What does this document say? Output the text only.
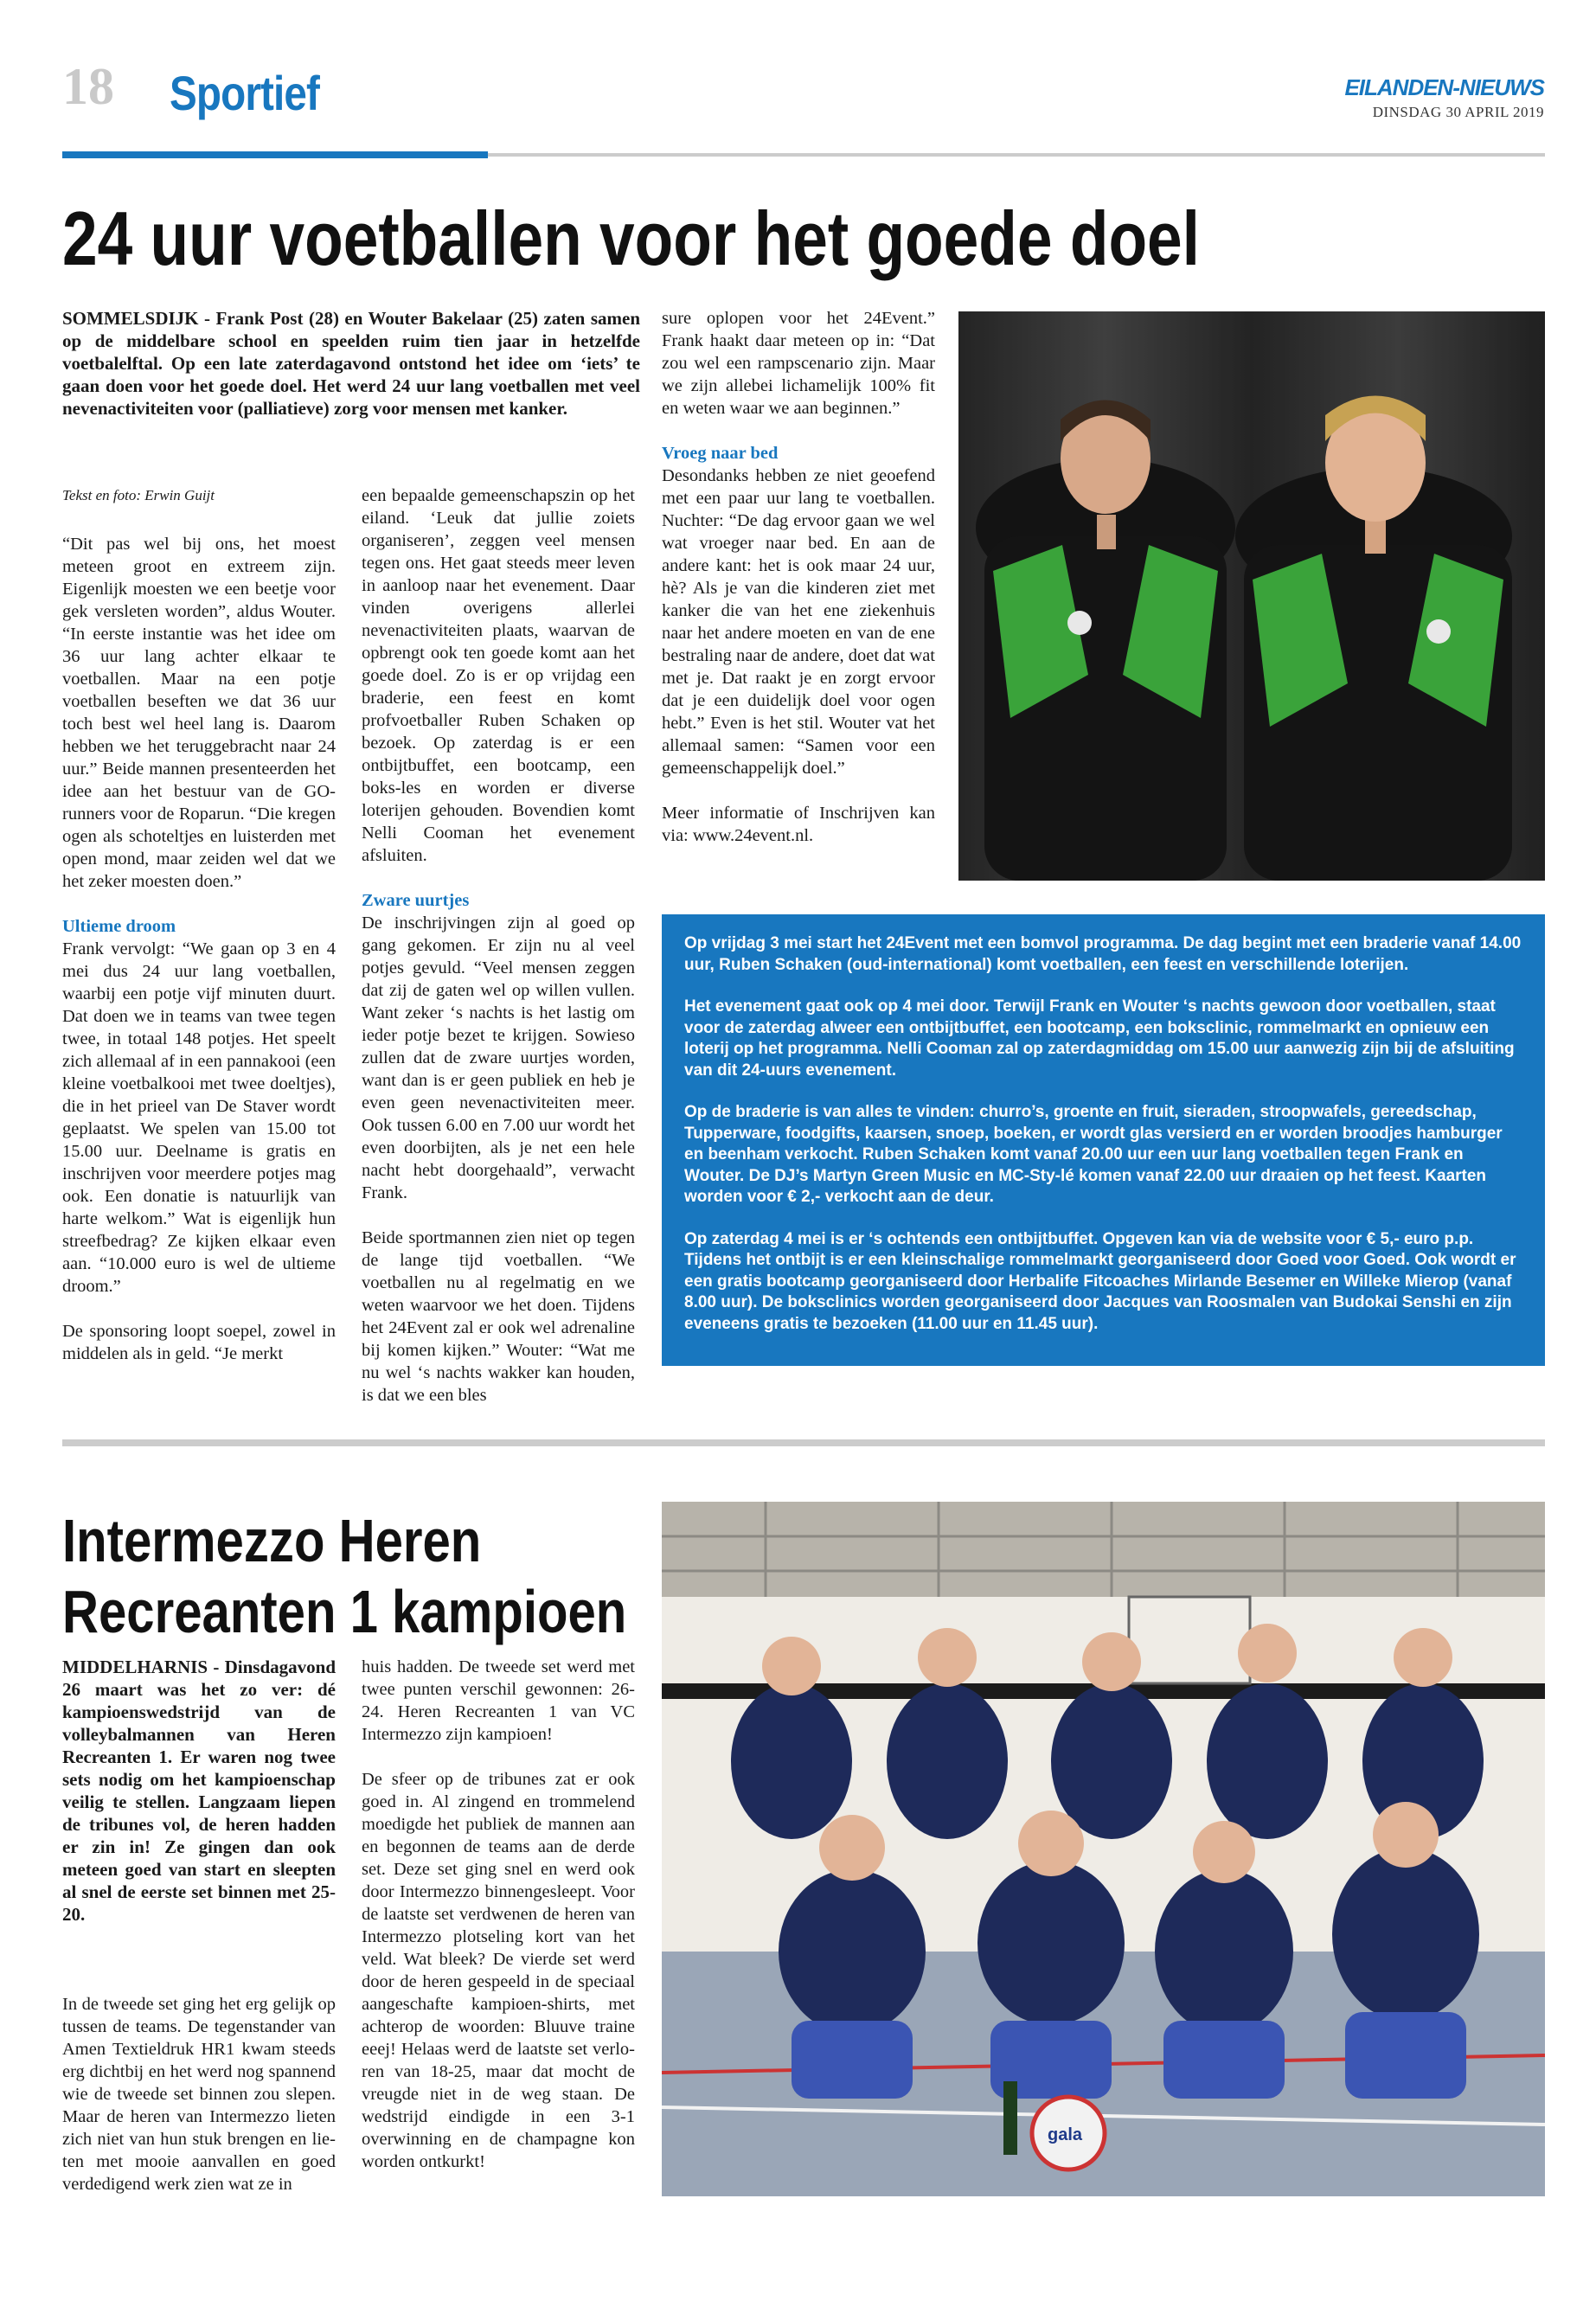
18 Sportief	EILANDEN-NIEUWS
DINSDAG 30 APRIL 2019
24 uur voetballen voor het goede doel
SOMMELSDIJK - Frank Post (28) en Wouter Bakelaar (25) zaten samen op de middelbare school en speelden ruim tien jaar in hetzelfde voetbalelftal. Op een late zaterdagavond ontstond het idee om ‘iets’ te gaan doen voor het goede doel. Het werd 24 uur lang voetballen met veel nevenactiviteiten voor (palliatieve) zorg voor mensen met kanker.

Tekst en foto: Erwin Guijt

“Dit pas wel bij ons, het moest meteen groot en extreem zijn. Eigenlijk moesten we een beetje voor gek versleten worden”, aldus Wouter. “In eerste instantie was het idee om 36 uur lang achter elkaar te voetballen. Maar na een potje voetballen beseften we dat 36 uur toch best wel heel lang is. Daarom hebben we het teruggebracht naar 24 uur.” Beide mannen presenteerden het idee aan het bestuur van de GO-runners voor de Roparun. “Die kregen ogen als schoteltjes en luisterden met open mond, maar zeiden wel dat we het zeker moesten doen.”

Ultieme droom

Frank vervolgt: “We gaan op 3 en 4 mei dus 24 uur lang voetballen, waarbij een potje vijf minuten duurt. Dat doen we in teams van twee tegen twee, in totaal 148 potjes. Het speelt zich allemaal af in een pannakooi (een kleine voetbalkooi met twee doeltjes), die in het prieel van De Staver wordt geplaatst. We spelen van 15.00 tot 15.00 uur. Deelname is gratis en inschrijven voor meerdere potjes mag ook. Een donatie is natuurlijk van harte welkom.” Wat is eigenlijk hun streefbedrag? Ze kijken elkaar even aan. “10.000 euro is wel de ultieme droom.”

De sponsoring loopt soepel, zowel in middelen als in geld. “Je merkt

een bepaalde gemeenschapszin op het eiland. ‘Leuk dat jullie zoiets organiseren’, zeggen veel mensen tegen ons. Het gaat steeds meer leven in aanloop naar het evenement. Daar vinden overigens allerlei nevenactiviteiten plaats, waarvan de opbrengt ook ten goede komt aan het goede doel. Zo is er op vrijdag een braderie, een feest en komt profvoetballer Ruben Schaken op bezoek. Op zaterdag is er een ontbijtbuffet, een bootcamp, een boks-les en worden er diverse loterijen gehouden. Bovendien komt Nelli Cooman het evenement afsluiten.

Zware uurtjes

De inschrijvingen zijn al goed op gang gekomen. Er zijn nu al veel potjes gevuld. “Veel mensen zeggen dat zij de gaten wel op willen vullen. Want zeker ‘s nachts is het lastig om ieder potje bezet te krijgen. Sowieso zullen dat de zware uurtjes worden, want dan is er geen publiek en heb je even geen nevenactiviteiten meer. Ook tussen 6.00 en 7.00 uur wordt het even doorbijten, als je net een hele nacht hebt doorgehaald”, verwacht Frank.

Beide sportmannen zien niet op tegen de lange tijd voetballen. “We voetballen nu al regelmatig en we weten waarvoor we het doen. Tijdens het 24Event zal er ook wel adrenaline bij komen kijken.” Wouter: “Wat me nu wel ‘s nachts wakker kan houden, is dat we een bles

sure oplopen voor het 24Event.” Frank haakt daar meteen op in: “Dat zou wel een rampscenario zijn. Maar we zijn allebei lichamelijk 100% fit en weten waar we aan beginnen.”

Vroeg naar bed

Desondanks hebben ze niet geoefend met een paar uur lang te voetballen. Nuchter: “De dag ervoor gaan we wel wat vroeger naar bed. En aan de andere kant: het is ook maar 24 uur, hè? Als je van die kinderen ziet met kanker die van het ene ziekenhuis naar het andere moeten en van de ene bestraling naar de andere, doet dat wat met je. Dat raakt je en zorgt ervoor dat je een duidelijk doel voor ogen hebt.” Even is het stil. Wouter vat het allemaal samen: “Samen voor een gemeenschappelijk doel.”

Meer informatie of Inschrijven kan via: www.24event.nl.

Op vrijdag 3 mei start het 24Event met een bomvol programma. De dag begint met een braderie vanaf 14.00 uur, Ruben Schaken (oud-international) komt voetballen, een feest en verschillende loterijen.

Het evenement gaat ook op 4 mei door. Terwijl Frank en Wouter ‘s nachts gewoon door voetballen, staat voor de zaterdag alweer een ontbijtbuffet, een bootcamp, een boksclinic, rommelmarkt en opnieuw een loterij op het programma. Nelli Cooman zal op zaterdagmiddag om 15.00 uur aanwezig zijn bij de afsluiting van dit 24-uurs evenement.

Op de braderie is van alles te vinden: churro’s, groente en fruit, sieraden, stroopwafels, gereedschap, Tupperware, foodgifts, kaarsen, snoep, boeken, er wordt glas versierd en er worden broodjes hamburger en beenham verkocht. Ruben Schaken komt vanaf 20.00 uur een uur lang voetballen tegen Frank en Wouter. De DJ’s Martyn Green Music en MC-Sty-lé komen vanaf 22.00 uur draaien op het feest. Kaarten worden voor € 2,- verkocht aan de deur.

Op zaterdag 4 mei is er ‘s ochtends een ontbijtbuffet. Opgeven kan via de website voor € 5,- euro p.p. Tijdens het ontbijt is er een kleinschalige rommelmarkt georganiseerd door Goed voor Goed. Ook wordt er een gratis bootcamp georganiseerd door Herbalife Fitcoaches Mirlande Besemer en Willeke Mierop (vanaf 8.00 uur). De boksclinics worden georganiseerd door Jacques van Roosmalen van Budokai Senshi en zijn eveneens gratis te bezoeken (11.00 uur en 11.45 uur).

Intermezzo Heren
Recreanten 1 kampioen
MIDDELHARNIS - Dinsdagavond 26 maart was het zo ver: dé kampioenswedstrijd van de volleybalmannen van Heren Recreanten 1. Er waren nog twee sets nodig om het kampioenschap veilig te stellen. Langzaam liepen de tribunes vol, de heren hadden er zin in! Ze gingen dan ook meteen goed van start en sleepten al snel de eerste set binnen met 25-20.

In de tweede set ging het erg gelijk op tussen de teams. De tegenstander van Amen Textieldruk HR1 kwam steeds erg dichtbij en het werd nog spannend wie de tweede set binnen zou slepen. Maar de heren van Intermezzo lieten zich niet van hun stuk brengen en lieten met mooie aanvallen en goed verdedigend werk zien wat ze in

huis hadden. De tweede set werd met twee punten verschil gewonnen: 26-24. Heren Recreanten 1 van VC Intermezzo zijn kampioen!

De sfeer op de tribunes zat er ook goed in. Al zingend en trommelend moedigde het publiek de mannen aan en begonnen de teams aan de derde set. Deze set ging snel en werd ook door Intermezzo binnengesleept. Voor de laatste set verdwenen de heren van Intermezzo plotseling kort van het veld. Wat bleek? De vierde set werd door de heren gespeeld in de speciaal aangeschafte kampioen-shirts, met achterop de woorden: Bluuve traine eeej! Helaas werd de laatste set verloren van 18-25, maar dat mocht de vreugde niet in de weg staan. De wedstrijd eindigde in een 3-1 overwinning en de champagne kon worden ontkurkt!

gala
